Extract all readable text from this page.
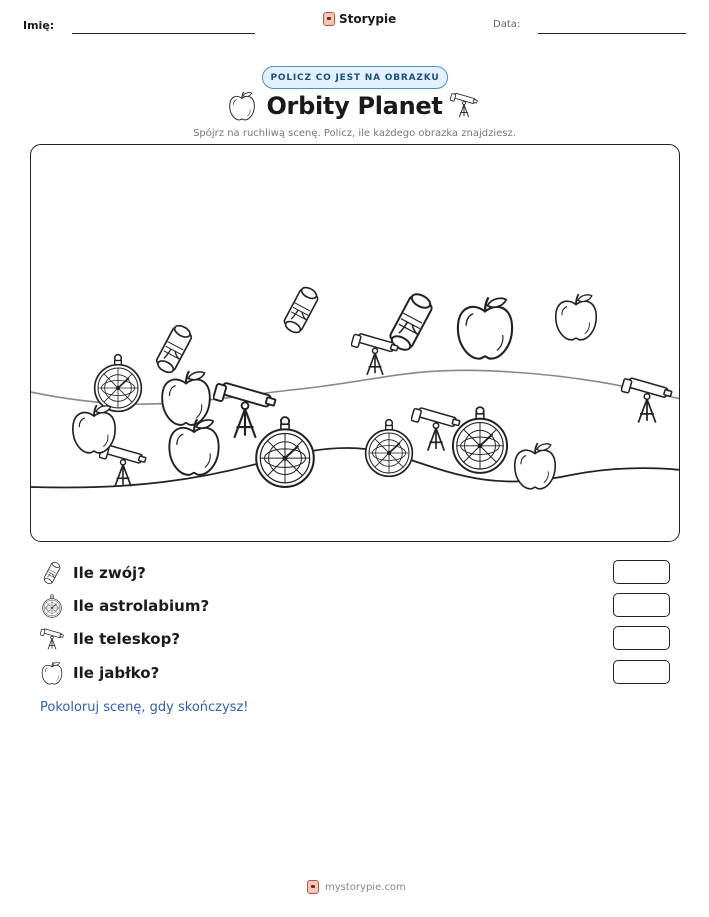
Imię:	Storypie	Data:
POLICZ CO JEST NA OBRAZKU
Orbity Planet
Spójrz na ruchliwą scenę. Policz, ile każdego obrazka znajdziesz.
Ile zwój?
Ile astrolabium?
Ile teleskop?
Ile jabłko?
Pokoloruj scenę, gdy skończysz!
mystorypie.com
